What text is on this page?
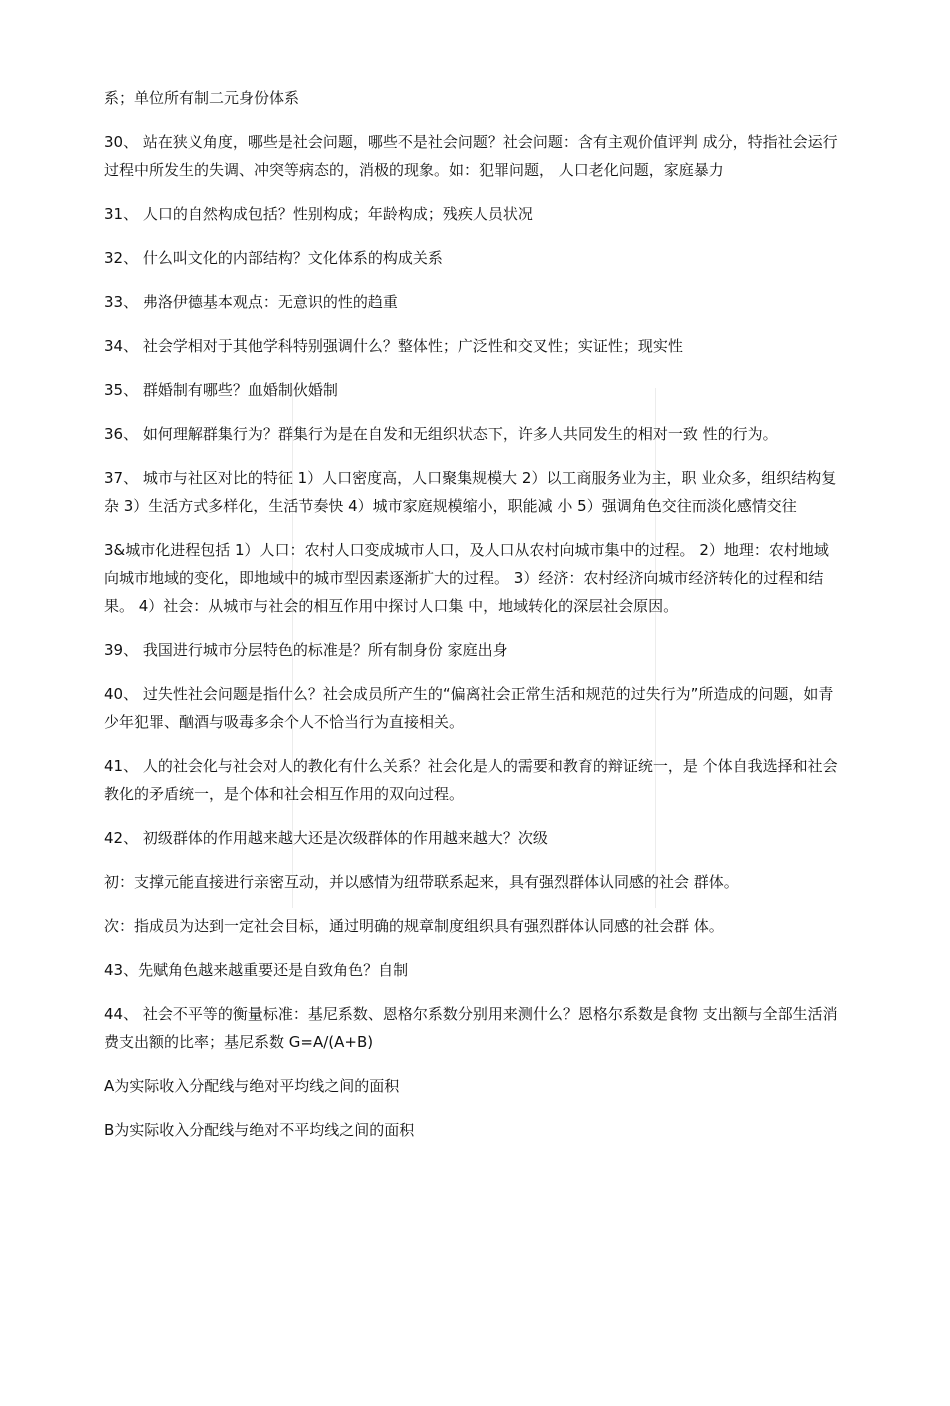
系；单位所有制二元身份体系

30、 站在狭义角度，哪些是社会问题，哪些不是社会问题？社会问题：含有主观价值评判 成分，特指社会运行过程中所发生的失调、冲突等病态的，消极的现象。如：犯罪问题， 人口老化问题，家庭暴力

31、 人口的自然构成包括？性别构成；年龄构成；残疾人员状况

32、 什么叫文化的内部结构？文化体系的构成关系

33、 弗洛伊德基本观点：无意识的性的趋重

34、 社会学相对于其他学科特别强调什么？整体性；广泛性和交叉性；实证性；现实性

35、 群婚制有哪些？血婚制伙婚制

36、 如何理解群集行为？群集行为是在自发和无组织状态下，许多人共同发生的相对一致 性的行为。

37、 城市与社区对比的特征 1）人口密度高，人口聚集规模大 2）以工商服务业为主，职 业众多，组织结构复杂 3）生活方式多样化，生活节奏快 4）城市家庭规模缩小，职能减 小 5）强调角色交往而淡化感情交往

3&城市化进程包括 1）人口：农村人口变成城市人口，及人口从农村向城市集中的过程。 2）地理：农村地域向城市地域的变化，即地域中的城市型因素逐渐扩大的过程。 3）经济：农村经济向城市经济转化的过程和结果。 4）社会：从城市与社会的相互作用中探讨人口集 中，地域转化的深层社会原因。

39、 我国进行城市分层特色的标准是？所有制身份 家庭出身

40、 过失性社会问题是指什么？社会成员所产生的“偏离社会正常生活和规范的过失行为”所造成的问题，如青少年犯罪、酗酒与吸毒多余个人不恰当行为直接相关。

41、 人的社会化与社会对人的教化有什么关系？社会化是人的需要和教育的辩证统一，是 个体自我选择和社会教化的矛盾统一，是个体和社会相互作用的双向过程。

42、 初级群体的作用越来越大还是次级群体的作用越来越大？次级

初：支撑元能直接进行亲密互动，并以感情为纽带联系起来，具有强烈群体认同感的社会 群体。

次：指成员为达到一定社会目标，通过明确的规章制度组织具有强烈群体认同感的社会群 体。

43、先赋角色越来越重要还是自致角色？自制

44、 社会不平等的衡量标准：基尼系数、恩格尔系数分别用来测什么？恩格尔系数是食物 支出额与全部生活消费支出额的比率；基尼系数 G=A/(A+B)

A为实际收入分配线与绝对平均线之间的面积

B为实际收入分配线与绝对不平均线之间的面积
